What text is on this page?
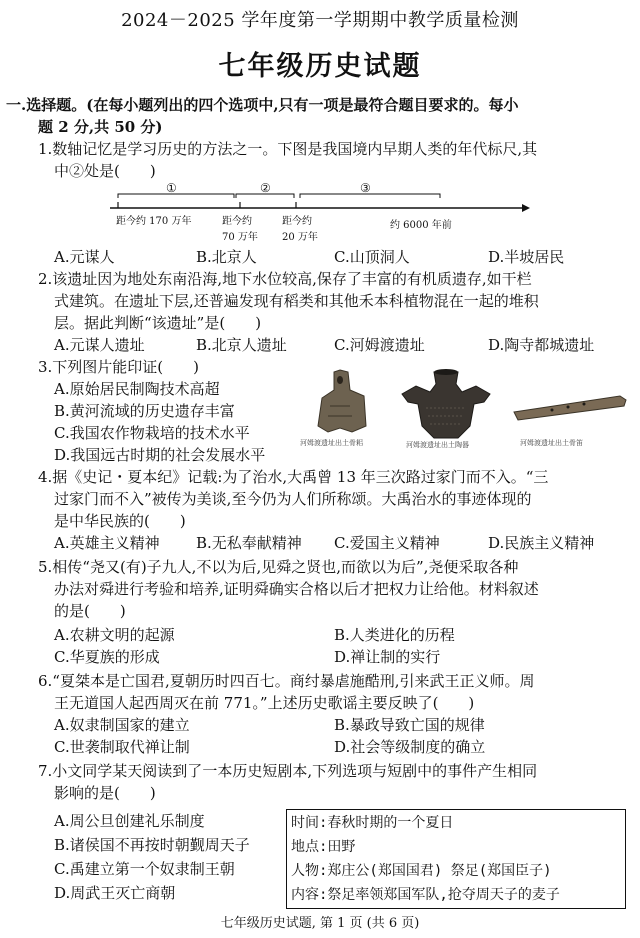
2024－2025 学年度第一学期期中教学质量检测
七年级历史试题
一.选择题。(在每小题列出的四个选项中,只有一项是最符合题目要求的。每小
题 2 分,共 50 分)
1.数轴记忆是学习历史的方法之一。下图是我国境内早期人类的年代标尺,其
中②处是(　　)
①	②	③
距今约 170 万年	距今约
70 万年
距今约
20 万年
约 6000 年前
A.元谋人	B.北京人	C.山顶洞人	D.半坡居民
2.该遗址因为地处东南沿海,地下水位较高,保存了丰富的有机质遗存,如干栏
式建筑。在遗址下层,还普遍发现有稻类和其他禾本科植物混在一起的堆积
层。据此判断“该遗址”是(　　)
A.元谋人遗址	B.北京人遗址	C.河姆渡遗址	D.陶寺都城遗址
3.下列图片能印证(　　)
A.原始居民制陶技术高超
B.黄河流域的历史遗存丰富
C.我国农作物栽培的技术水平
D.我国远古时期的社会发展水平
河姆渡遗址出土骨耜	河姆渡遗址出土陶器	河姆渡遗址出土骨笛
4.据《史记・夏本纪》记载:为了治水,大禹曾 13 年三次路过家门而不入。“三
过家门而不入”被传为美谈,至今仍为人们所称颂。大禹治水的事迹体现的
是中华民族的(　　)
A.英雄主义精神 B.无私奉献精神 C.爱国主义精神	D.民族主义精神
5.相传“尧又(有)子九人,不以为后,见舜之贤也,而欲以为后”,尧便采取各种
办法对舜进行考验和培养,证明舜确实合格以后才把权力让给他。材料叙述
的是(　　)
A.农耕文明的起源	B.人类进化的历程
C.华夏族的形成	D.禅让制的实行
6.“夏桀本是亡国君,夏朝历时四百七。商纣暴虐施酷刑,引来武王正义师。周
王无道国人起西周灭在前 771。”上述历史歌谣主要反映了(　　)
A.奴隶制国家的建立	B.暴政导致亡国的规律
C.世袭制取代禅让制	D.社会等级制度的确立
7.小文同学某天阅读到了一本历史短剧本,下列选项与短剧中的事件产生相同
影响的是(　　)
A.周公旦创建礼乐制度
B.诸侯国不再按时朝觐周天子
C.禹建立第一个奴隶制王朝
D.周武王灭亡商朝
时间:春秋时期的一个夏日
地点:田野
人物:郑庄公(郑国国君) 祭足(郑国臣子)
内容:祭足率领郑国军队,抢夺周天子的麦子
七年级历史试题, 第 1 页 (共 6 页)
